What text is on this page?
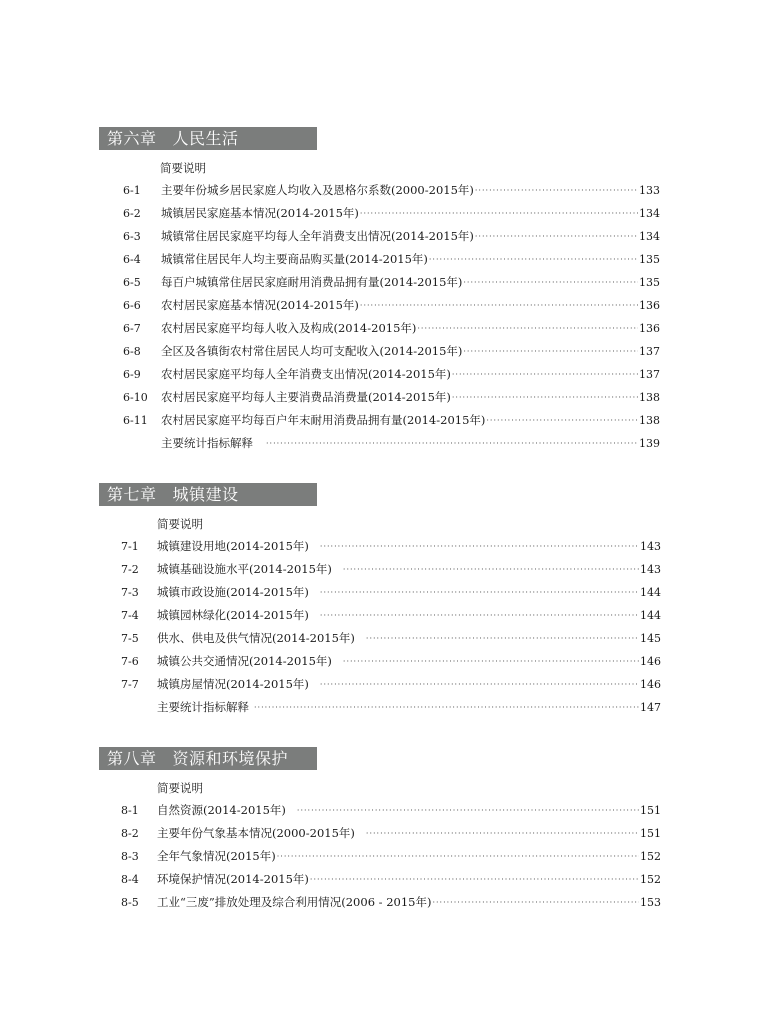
第六章 人民生活
简要说明
6-1	主要年份城乡居民家庭人均收入及恩格尔系数(2000-2015年) ·····	133
6-2	城镇居民家庭基本情况(2014-2015年) ·····	134
6-3	城镇常住居民家庭平均每人全年消费支出情况(2014-2015年) ·····	134
6-4	城镇常住居民年人均主要商品购买量(2014-2015年) ·····	135
6-5	每百户城镇常住居民家庭耐用消费品拥有量(2014-2015年) ·····	135
6-6	农村居民家庭基本情况(2014-2015年) ·····	136
6-7	农村居民家庭平均每人收入及构成(2014-2015年) ·····	136
6-8	全区及各镇街农村常住居民人均可支配收入(2014-2015年) ·····	137
6-9	农村居民家庭平均每人全年消费支出情况(2014-2015年) ·····	137
6-10	农村居民家庭平均每人主要消费品消费量(2014-2015年) ·····	138
6-11	农村居民家庭平均每百户年末耐用消费品拥有量(2014-2015年) ·····	138
主要统计指标解释 ·····	139
第七章 城镇建设
简要说明
7-1	城镇建设用地(2014-2015年) ·····	143
7-2	城镇基础设施水平(2014-2015年) ·····	143
7-3	城镇市政设施(2014-2015年) ·····	144
7-4	城镇园林绿化(2014-2015年) ·····	144
7-5	供水、供电及供气情况(2014-2015年) ·····	145
7-6	城镇公共交通情况(2014-2015年) ·····	146
7-7	城镇房屋情况(2014-2015年) ·····	146
主要统计指标解释 ·····	147
第八章 资源和环境保护
简要说明
8-1	自然资源(2014-2015年) ·····	151
8-2	主要年份气象基本情况(2000-2015年) ·····	151
8-3	全年气象情况(2015年) ·····	152
8-4	环境保护情况(2014-2015年) ·····	152
8-5	工业“三废”排放处理及综合利用情况(2006 - 2015年) ·····	153
